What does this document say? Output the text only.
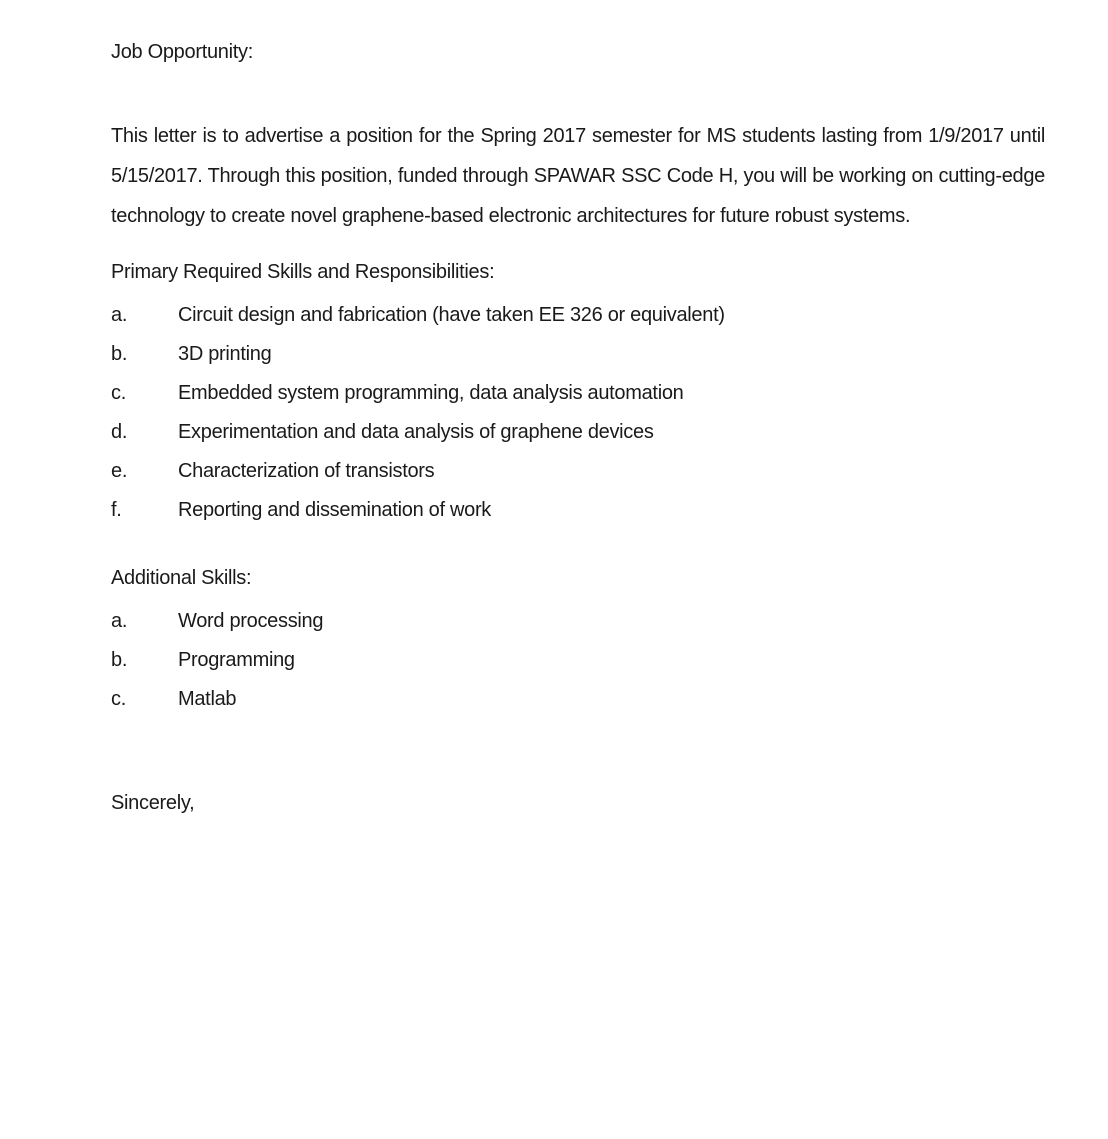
Job Opportunity:

This letter is to advertise a position for the Spring 2017 semester for MS students lasting from 1/9/2017 until 5/15/2017. Through this position, funded through SPAWAR SSC Code H, you will be working on cutting-edge technology to create novel graphene-based electronic architectures for future robust systems.

Primary Required Skills and Responsibilities:

a.	Circuit design and fabrication (have taken EE 326 or equivalent)
b.	3D printing
c.	Embedded system programming, data analysis automation
d.	Experimentation and data analysis of graphene devices
e.	Characterization of transistors
f.	Reporting and dissemination of work

Additional Skills:

a.	Word processing
b.	Programming
c.	Matlab

Sincerely,
